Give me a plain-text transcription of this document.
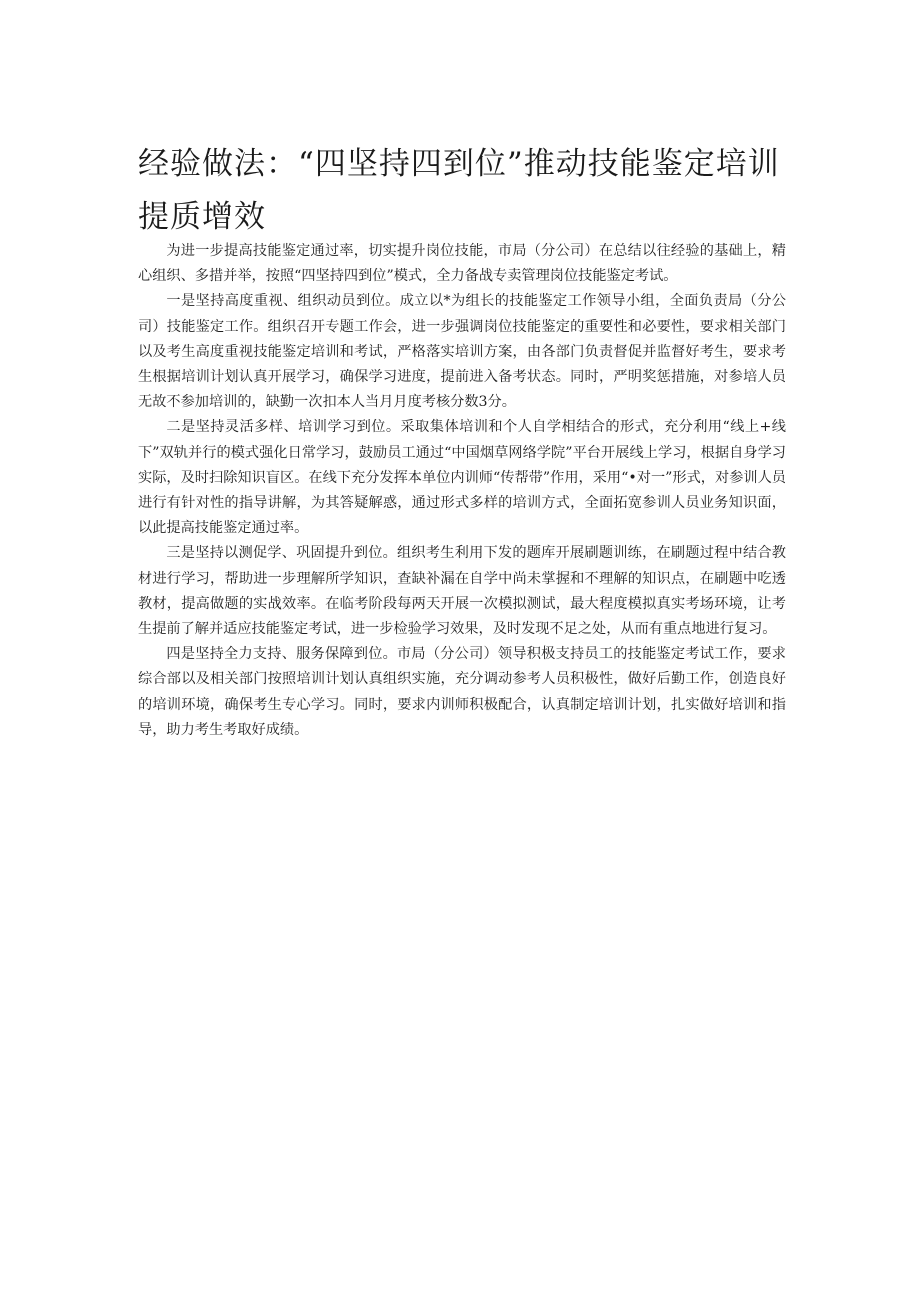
经验做法：“四坚持四到位”推动技能鉴定培训提质增效

为进一步提高技能鉴定通过率，切实提升岗位技能，市局（分公司）在总结以往经验的基础上，精心组织、多措并举，按照“四坚持四到位”模式，全力备战专卖管理岗位技能鉴定考试。

一是坚持高度重视、组织动员到位。成立以*为组长的技能鉴定工作领导小组，全面负责局（分公司）技能鉴定工作。组织召开专题工作会，进一步强调岗位技能鉴定的重要性和必要性，要求相关部门以及考生高度重视技能鉴定培训和考试，严格落实培训方案，由各部门负责督促并监督好考生，要求考生根据培训计划认真开展学习，确保学习进度，提前进入备考状态。同时，严明奖惩措施，对参培人员无故不参加培训的，缺勤一次扣本人当月月度考核分数3分。

二是坚持灵活多样、培训学习到位。采取集体培训和个人自学相结合的形式，充分利用“线上+线下”双轨并行的模式强化日常学习，鼓励员工通过“中国烟草网络学院”平台开展线上学习，根据自身学习实际，及时扫除知识盲区。在线下充分发挥本单位内训师“传帮带”作用，采用“•对一”形式，对参训人员进行有针对性的指导讲解，为其答疑解惑，通过形式多样的培训方式，全面拓宽参训人员业务知识面，以此提高技能鉴定通过率。

三是坚持以测促学、巩固提升到位。组织考生利用下发的题库开展刷题训练，在刷题过程中结合教材进行学习，帮助进一步理解所学知识，查缺补漏在自学中尚未掌握和不理解的知识点，在刷题中吃透教材，提高做题的实战效率。在临考阶段每两天开展一次模拟测试，最大程度模拟真实考场环境，让考生提前了解并适应技能鉴定考试，进一步检验学习效果，及时发现不足之处，从而有重点地进行复习。

四是坚持全力支持、服务保障到位。市局（分公司）领导积极支持员工的技能鉴定考试工作，要求综合部以及相关部门按照培训计划认真组织实施，充分调动参考人员积极性，做好后勤工作，创造良好的培训环境，确保考生专心学习。同时，要求内训师积极配合，认真制定培训计划，扎实做好培训和指导，助力考生考取好成绩。
